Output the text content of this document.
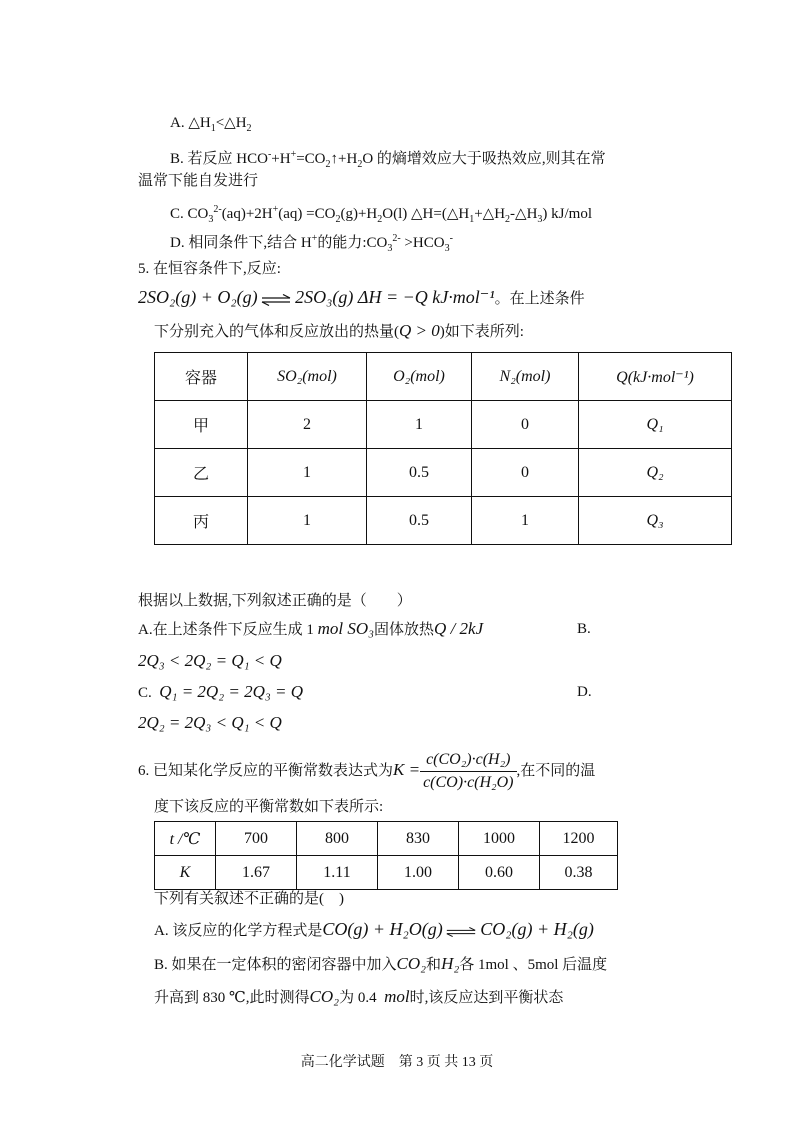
A. $\triangle H_1<\triangle H_2$
B. 若反应 $HCO^-+H^+=CO_2↑+H_2O$ 的熵增效应大于吸热效应,则其在常
温常下能自发进行
C. $CO_3^{2-}(aq)+2H^+(aq) =CO_2(g)+H_2O(l)$ $\triangle H=(\triangle H_1+\triangle H_2-\triangle H_3)$ kJ/mol
D. 相同条件下,结合 H+的能力$:CO_3^{2-} >HCO_3^-$
5. 在恒容条件下,反应:
2SO₂(g) + O₂(g) ⇌ 2SO₃(g) ΔH = −Q kJ·mol⁻¹。在上述条件
下分别充入的气体和反应放出的热量(Q > 0)如下表所列:
容器	SO₂(mol)	O₂(mol)	N₂(mol)	Q(kJ·mol⁻¹)
甲	2	1	0	Q₁
乙	1	0.5	0	Q₂
丙	1	0.5	1	Q₃
根据以上数据,下列叙述正确的是（　　）
A.在上述条件下反应生成 1 mol SO₃固体放热Q / 2kJ	B.
2Q₃ < 2Q₂ = Q₁ < Q
C. Q₁ = 2Q₂ = 2Q₃ = Q	D.
2Q₂ = 2Q₃ < Q₁ < Q
6. 已知某化学反应的平衡常数表达式为$K = \frac{\text{c(CO₂)·c(H₂)}}{\text{c(CO)·c(H₂O)}}$ ,在不同的温
度下该反应的平衡常数如下表所示:
t /℃	700	800	830	1000	1200
K	1.67	1.11	1.00	0.60	0.38
下列有关叙述不正确的是(　)
A. 该反应的化学方程式是CO(g) + H₂O(g) ⇌ CO₂(g) + H₂(g)
B. 如果在一定体积的密闭容器中加入CO₂和H₂各 1mol 、5mol 后温度
升高到 830 ℃,此时测得CO₂为 0.4 mol时,该反应达到平衡状态
高二化学试题　第 3 页 共 13 页
